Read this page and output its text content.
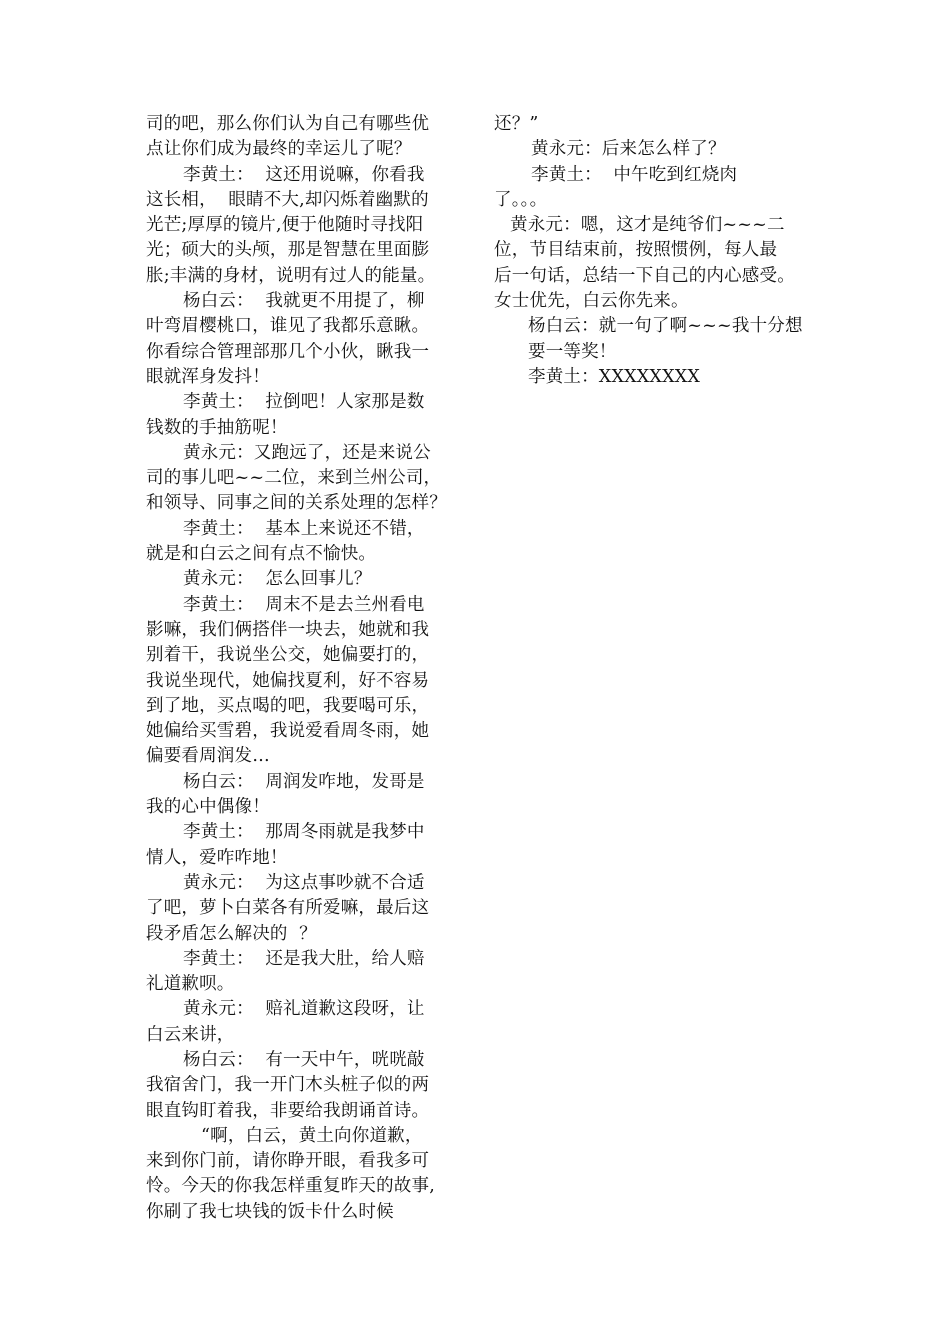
司的吧，那么你们认为自己有哪些优
点让你们成为最终的幸运儿了呢？
李黄土：  这还用说嘛，你看我
这长相，  眼睛不大,却闪烁着幽默的
光芒;厚厚的镜片,便于他随时寻找阳
光；硕大的头颅，那是智慧在里面膨
胀;丰满的身材，说明有过人的能量。
杨白云：  我就更不用提了，柳
叶弯眉樱桃口，谁见了我都乐意瞅。
你看综合管理部那几个小伙，瞅我一
眼就浑身发抖！
李黄土：  拉倒吧！人家那是数
钱数的手抽筋呢！
黄永元：又跑远了，还是来说公
司的事儿吧~~二位，来到兰州公司，
和领导、同事之间的关系处理的怎样？
李黄土：  基本上来说还不错，
就是和白云之间有点不愉快。
黄永元：  怎么回事儿？
李黄土：  周末不是去兰州看电
影嘛，我们俩搭伴一块去，她就和我
别着干，我说坐公交，她偏要打的，
我说坐现代，她偏找夏利，好不容易
到了地，买点喝的吧，我要喝可乐，
她偏给买雪碧，我说爱看周冬雨，她
偏要看周润发…
杨白云：  周润发咋地，发哥是
我的心中偶像！
李黄土：  那周冬雨就是我梦中
情人，爱咋咋地！
黄永元：  为这点事吵就不合适
了吧，萝卜白菜各有所爱嘛，最后这
段矛盾怎么解决的  ？
李黄土：  还是我大肚，给人赔
礼道歉呗。
黄永元：  赔礼道歉这段呀，让
白云来讲，
杨白云：  有一天中午，咣咣敲
我宿舍门，我一开门木头桩子似的两
眼直钩盯着我，非要给我朗诵首诗。
“啊，白云，黄土向你道歉，
来到你门前，请你睁开眼，看我多可
怜。今天的你我怎样重复昨天的故事,
你刷了我七块钱的饭卡什么时候
还？”
黄永元：后来怎么样了？
李黄土：  中午吃到红烧肉
了。。。
黄永元：嗯，这才是纯爷们~~~二
位，节目结束前，按照惯例，每人最
后一句话，总结一下自己的内心感受。
女士优先，白云你先来。
杨白云：就一句了啊~~~我十分想
要一等奖！
李黄土：XXXXXXXX
